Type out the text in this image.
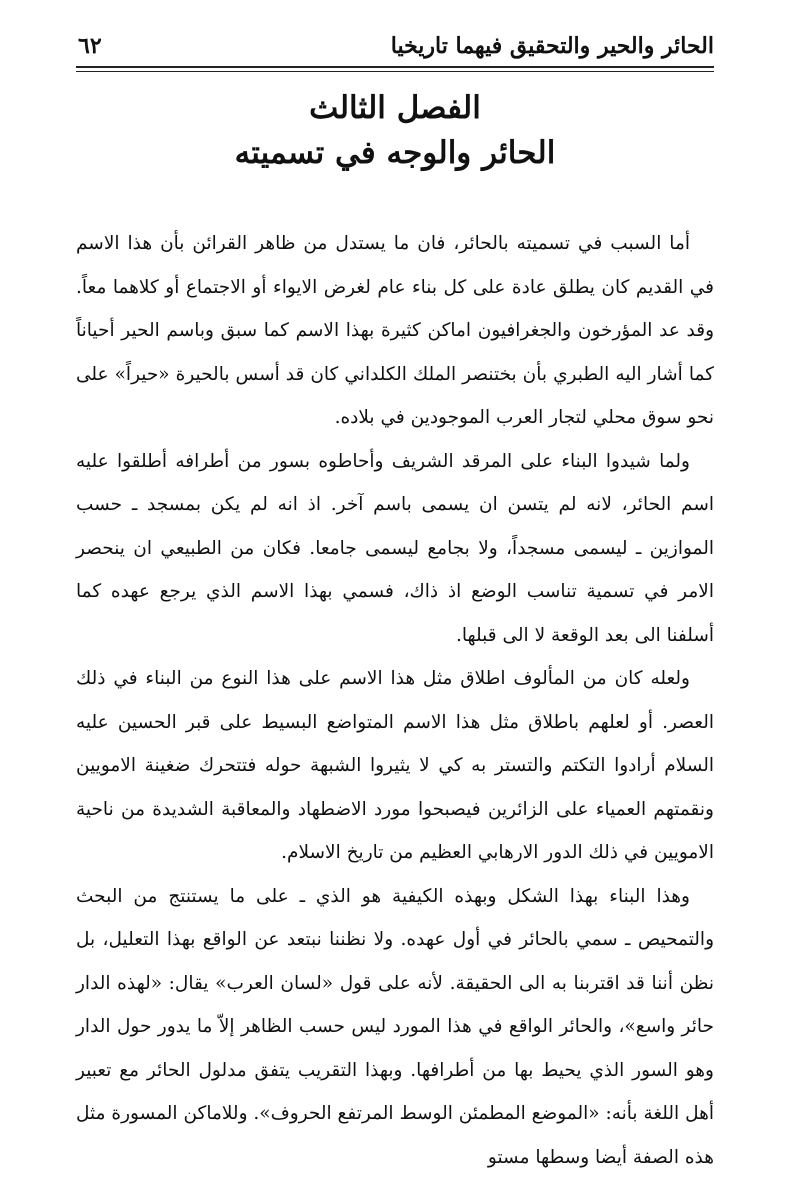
الحائر والحير والتحقيق فيهما تاريخيا
٦٢
الفصل الثالث
الحائر والوجه في تسميته

أما السبب في تسميته بالحائر، فان ما يستدل من ظاهر القرائن بأن هذا الاسم في القديم كان يطلق عادة على كل بناء عام لغرض الايواء أو الاجتماع أو كلاهما معاً. وقد عد المؤرخون والجغرافيون اماكن كثيرة بهذا الاسم كما سبق وباسم الحير أحياناً كما أشار اليه الطبري بأن بختنصر الملك الكلداني كان قد أسس بالحيرة «حيراً» على نحو سوق محلي لتجار العرب الموجودين في بلاده.

ولما شيدوا البناء على المرقد الشريف وأحاطوه بسور من أطرافه أطلقوا عليه اسم الحائر، لانه لم يتسن ان يسمى باسم آخر. اذ انه لم يكن بمسجد ـ حسب الموازين ـ ليسمى مسجداً، ولا بجامع ليسمى جامعا. فكان من الطبيعي ان ينحصر الامر في تسمية تناسب الوضع اذ ذاك، فسمي بهذا الاسم الذي يرجع عهده كما أسلفنا الى بعد الوقعة لا الى قبلها.

ولعله كان من المألوف اطلاق مثل هذا الاسم على هذا النوع من البناء في ذلك العصر. أو لعلهم باطلاق مثل هذا الاسم المتواضع البسيط على قبر الحسين عليه السلام أرادوا التكتم والتستر به كي لا يثيروا الشبهة حوله فتتحرك ضغينة الامويين ونقمتهم العمياء على الزائرين فيصبحوا مورد الاضطهاد والمعاقبة الشديدة من ناحية الامويين في ذلك الدور الارهابي العظيم من تاريخ الاسلام.

وهذا البناء بهذا الشكل وبهذه الكيفية هو الذي ـ على ما يستنتج من البحث والتمحيص ـ سمي بالحائر في أول عهده. ولا نظننا نبتعد عن الواقع بهذا التعليل، بل نظن أننا قد اقتربنا به الى الحقيقة. لأنه على قول «لسان العرب» يقال: «لهذه الدار حائر واسع»، والحائر الواقع في هذا المورد ليس حسب الظاهر إلاّ ما يدور حول الدار وهو السور الذي يحيط بها من أطرافها. وبهذا التقريب يتفق مدلول الحائر مع تعبير أهل اللغة بأنه: «الموضع المطمئن الوسط المرتفع الحروف». وللاماكن المسورة مثل هذه الصفة أيضا وسطها مستو
